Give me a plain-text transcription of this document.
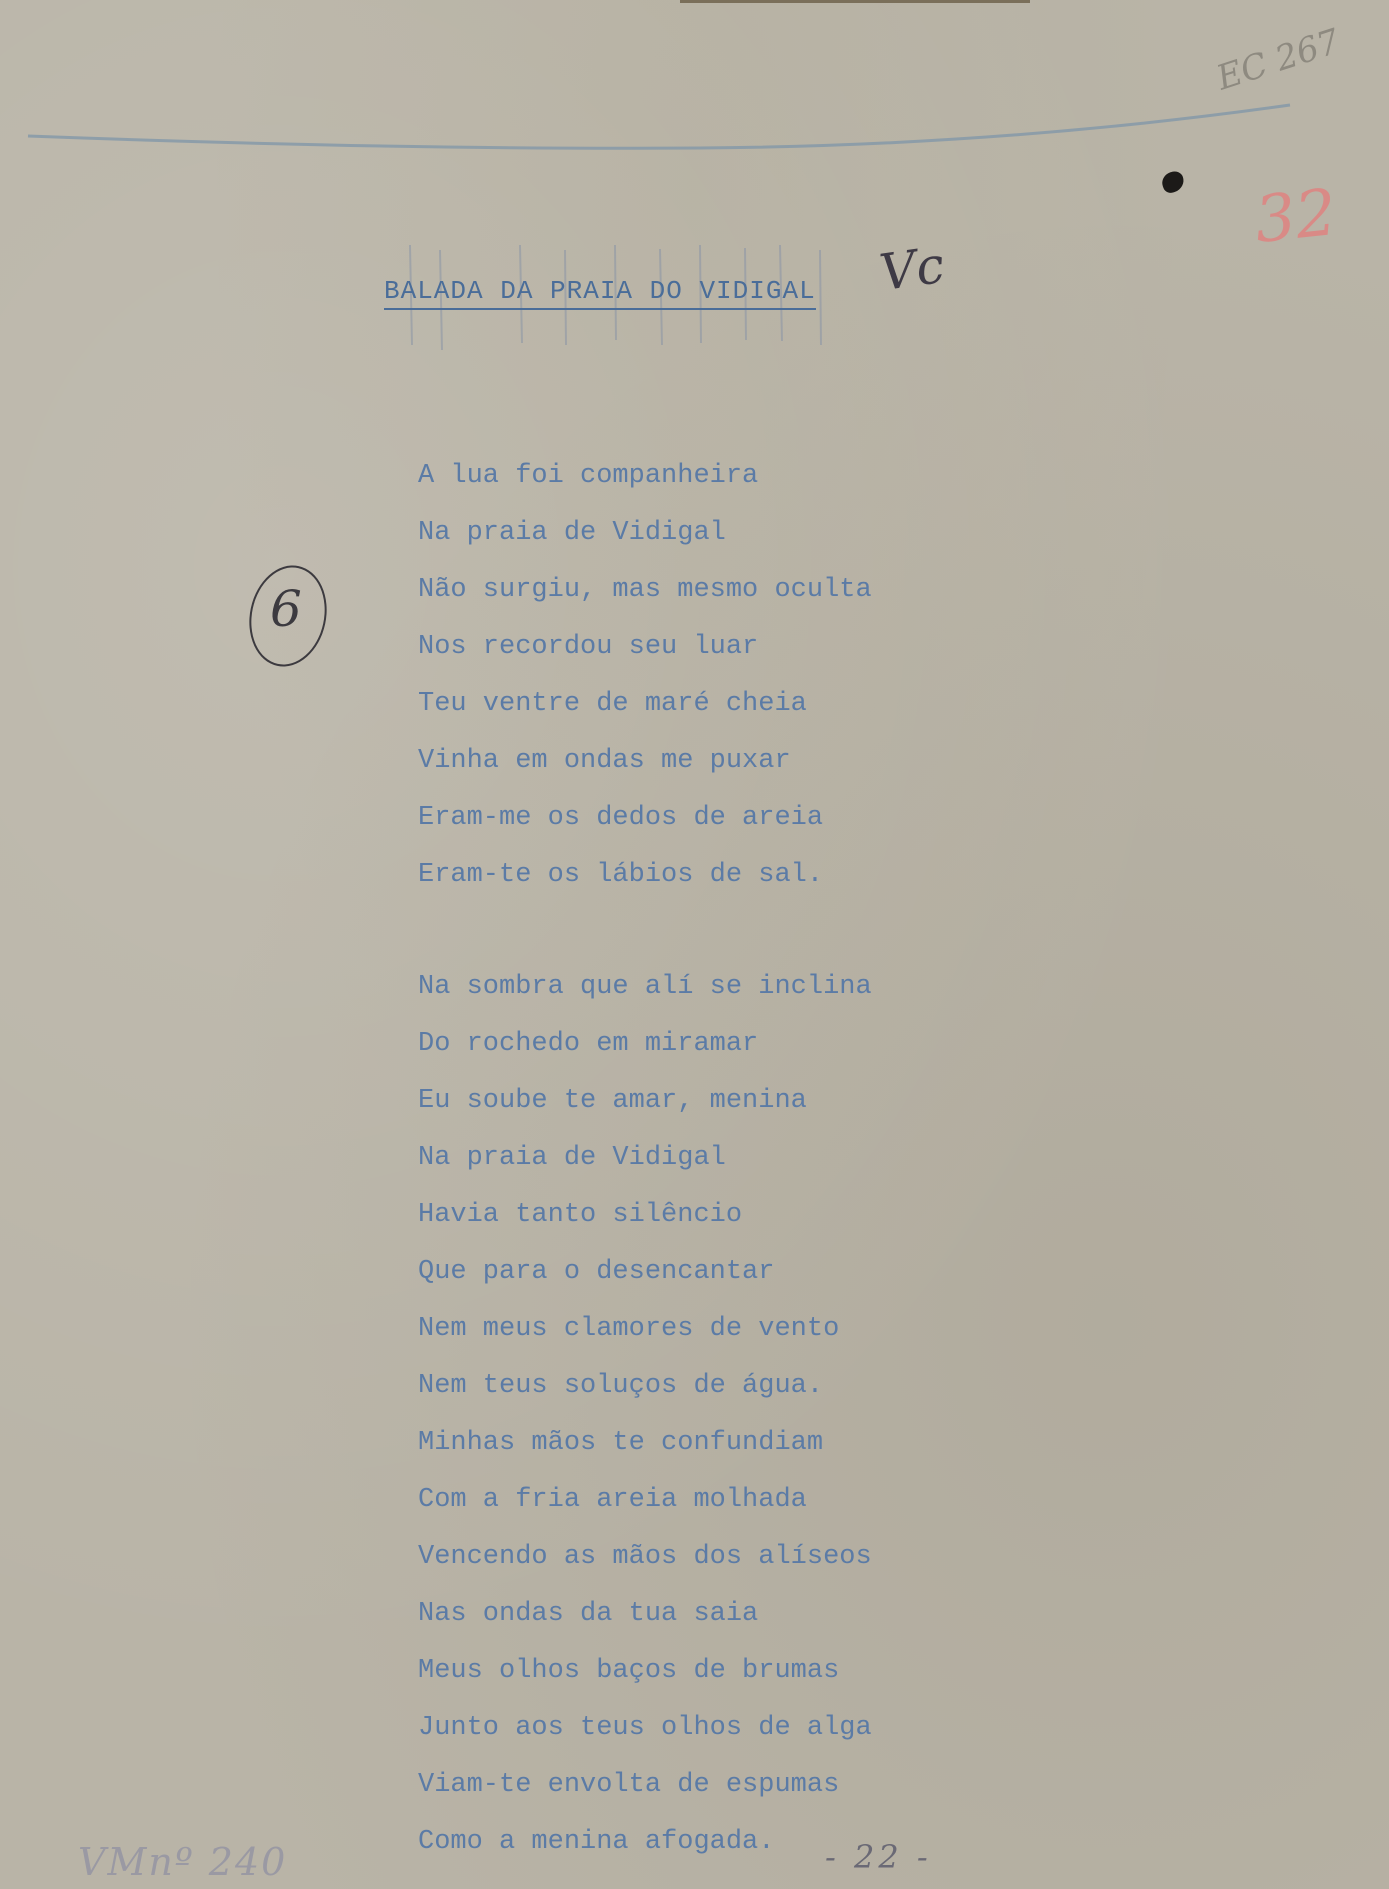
EC 267
32
Vc
6
BALADA DA PRAIA DO VIDIGAL
A lua foi companheira
Na praia de Vidigal
Não surgiu, mas mesmo oculta
Nos recordou seu luar
Teu ventre de maré cheia
Vinha em ondas me puxar
Eram-me os dedos de areia
Eram-te os lábios de sal.
Na sombra que alí se inclina
Do rochedo em miramar
Eu soube te amar, menina
Na praia de Vidigal
Havia tanto silêncio
Que para o desencantar
Nem meus clamores de vento
Nem teus soluços de água.
Minhas mãos te confundiam
Com a fria areia molhada
Vencendo as mãos dos alíseos
Nas ondas da tua saia
Meus olhos baços de brumas
Junto aos teus olhos de alga
Viam-te envolta de espumas
Como a menina afogada.
VMnº 240	- 22 -
